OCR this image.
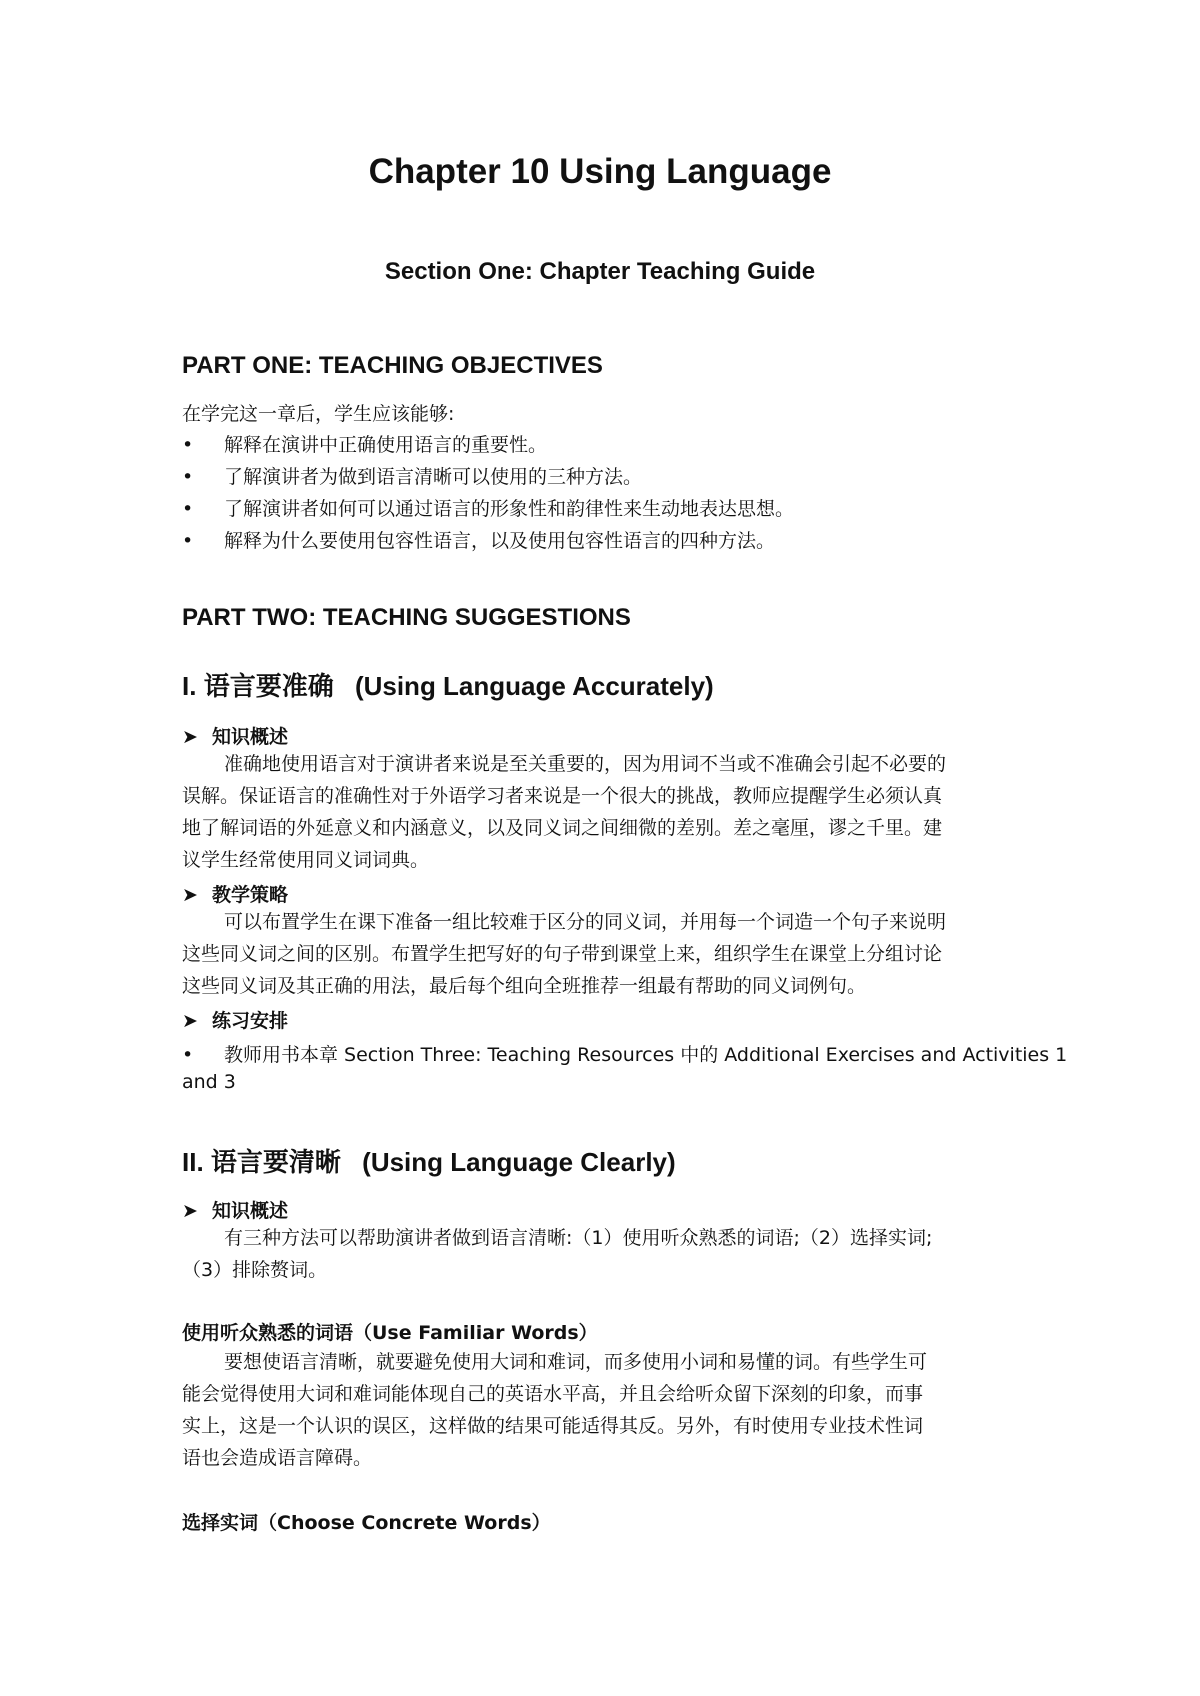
Chapter 10 Using Language
Section One: Chapter Teaching Guide
PART ONE: TEACHING OBJECTIVES
在学完这一章后，学生应该能够:
• 解释在演讲中正确使用语言的重要性。
• 了解演讲者为做到语言清晰可以使用的三种方法。
• 了解演讲者如何可以通过语言的形象性和韵律性来生动地表达思想。
• 解释为什么要使用包容性语言，以及使用包容性语言的四种方法。
PART TWO: TEACHING SUGGESTIONS
I. 语言要准确 (Using Language Accurately)
➤ 知识概述
准确地使用语言对于演讲者来说是至关重要的，因为用词不当或不准确会引起不必要的
误解。保证语言的准确性对于外语学习者来说是一个很大的挑战，教师应提醒学生必须认真
地了解词语的外延意义和内涵意义，以及同义词之间细微的差别。差之毫厘，谬之千里。建
议学生经常使用同义词词典。
➤ 教学策略
可以布置学生在课下准备一组比较难于区分的同义词，并用每一个词造一个句子来说明
这些同义词之间的区别。布置学生把写好的句子带到课堂上来，组织学生在课堂上分组讨论
这些同义词及其正确的用法，最后每个组向全班推荐一组最有帮助的同义词例句。
➤ 练习安排
• 教师用书本章 Section Three: Teaching Resources 中的 Additional Exercises and Activities 1
and 3
II. 语言要清晰 (Using Language Clearly)
➤ 知识概述
有三种方法可以帮助演讲者做到语言清晰:（1）使用听众熟悉的词语;（2）选择实词;
（3）排除赘词。
使用听众熟悉的词语（Use Familiar Words）
要想使语言清晰，就要避免使用大词和难词，而多使用小词和易懂的词。有些学生可
能会觉得使用大词和难词能体现自己的英语水平高，并且会给听众留下深刻的印象，而事
实上，这是一个认识的误区，这样做的结果可能适得其反。另外，有时使用专业技术性词
语也会造成语言障碍。
选择实词（Choose Concrete Words）
